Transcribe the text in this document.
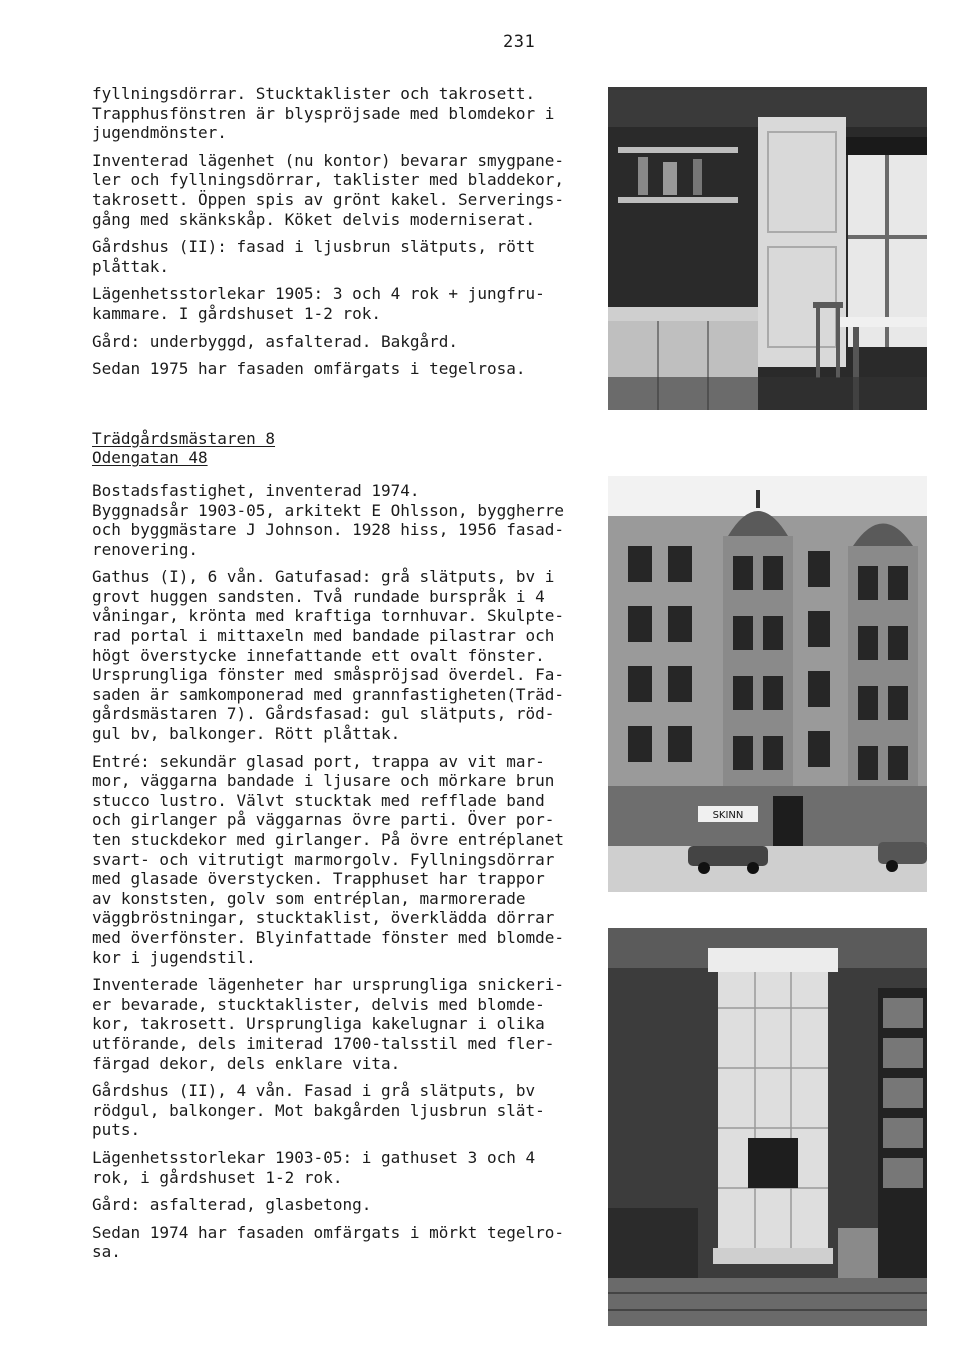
231

fyllningsdörrar. Stucktaklister och takrosett.
Trapphusfönstren är blyspröjsade med blomdekor i
jugendmönster.

Inventerad lägenhet (nu kontor) bevarar smygpane-
ler och fyllningsdörrar, taklister med bladdekor,
takrosett. Öppen spis av grönt kakel. Serverings-
gång med skänkskåp. Köket delvis moderniserat.

Gårdshus (II): fasad i ljusbrun slätputs, rött
plåttak.

Lägenhetsstorlekar 1905: 3 och 4 rok + jungfru-
kammare. I gårdshuset 1-2 rok.

Gård: underbyggd, asfalterad. Bakgård.

Sedan 1975 har fasaden omfärgats i tegelrosa.

Trädgårdsmästaren 8
Odengatan 48

Bostadsfastighet, inventerad 1974.
Byggnadsår 1903-05, arkitekt E Ohlsson, byggherre
och byggmästare J Johnson. 1928 hiss, 1956 fasad-
renovering.

Gathus (I), 6 vån. Gatufasad: grå slätputs, bv i
grovt huggen sandsten. Två rundade burspråk i 4
våningar, krönta med kraftiga tornhuvar. Skulpte-
rad portal i mittaxeln med bandade pilastrar och
högt överstycke innefattande ett ovalt fönster.
Ursprungliga fönster med småspröjsad överdel. Fa-
saden är samkomponerad med grannfastigheten(Träd-
gårdsmästaren 7). Gårdsfasad: gul slätputs, röd-
gul bv, balkonger. Rött plåttak.

Entré: sekundär glasad port, trappa av vit mar-
mor, väggarna bandade i ljusare och mörkare brun
stucco lustro. Välvt stucktak med refflade band
och girlanger på väggarnas övre parti. Över por-
ten stuckdekor med girlanger. På övre entréplanet
svart- och vitrutigt marmorgolv. Fyllningsdörrar
med glasade överstycken. Trapphuset har trappor
av konststen, golv som entréplan, marmorerade
väggbröstningar, stucktaklist, överklädda dörrar
med överfönster. Blyinfattade fönster med blomde-
kor i jugendstil.

Inventerade lägenheter har ursprungliga snickeri-
er bevarade, stucktaklister, delvis med blomde-
kor, takrosett. Ursprungliga kakelugnar i olika
utförande, dels imiterad 1700-talsstil med fler-
färgad dekor, dels enklare vita.

Gårdshus (II), 4 vån. Fasad i grå slätputs, bv
rödgul, balkonger. Mot bakgården ljusbrun slät-
puts.

Lägenhetsstorlekar 1903-05: i gathuset 3 och 4
rok, i gårdshuset 1-2 rok.

Gård: asfalterad, glasbetong.

Sedan 1974 har fasaden omfärgats i mörkt tegelro-
sa.

SKINN
